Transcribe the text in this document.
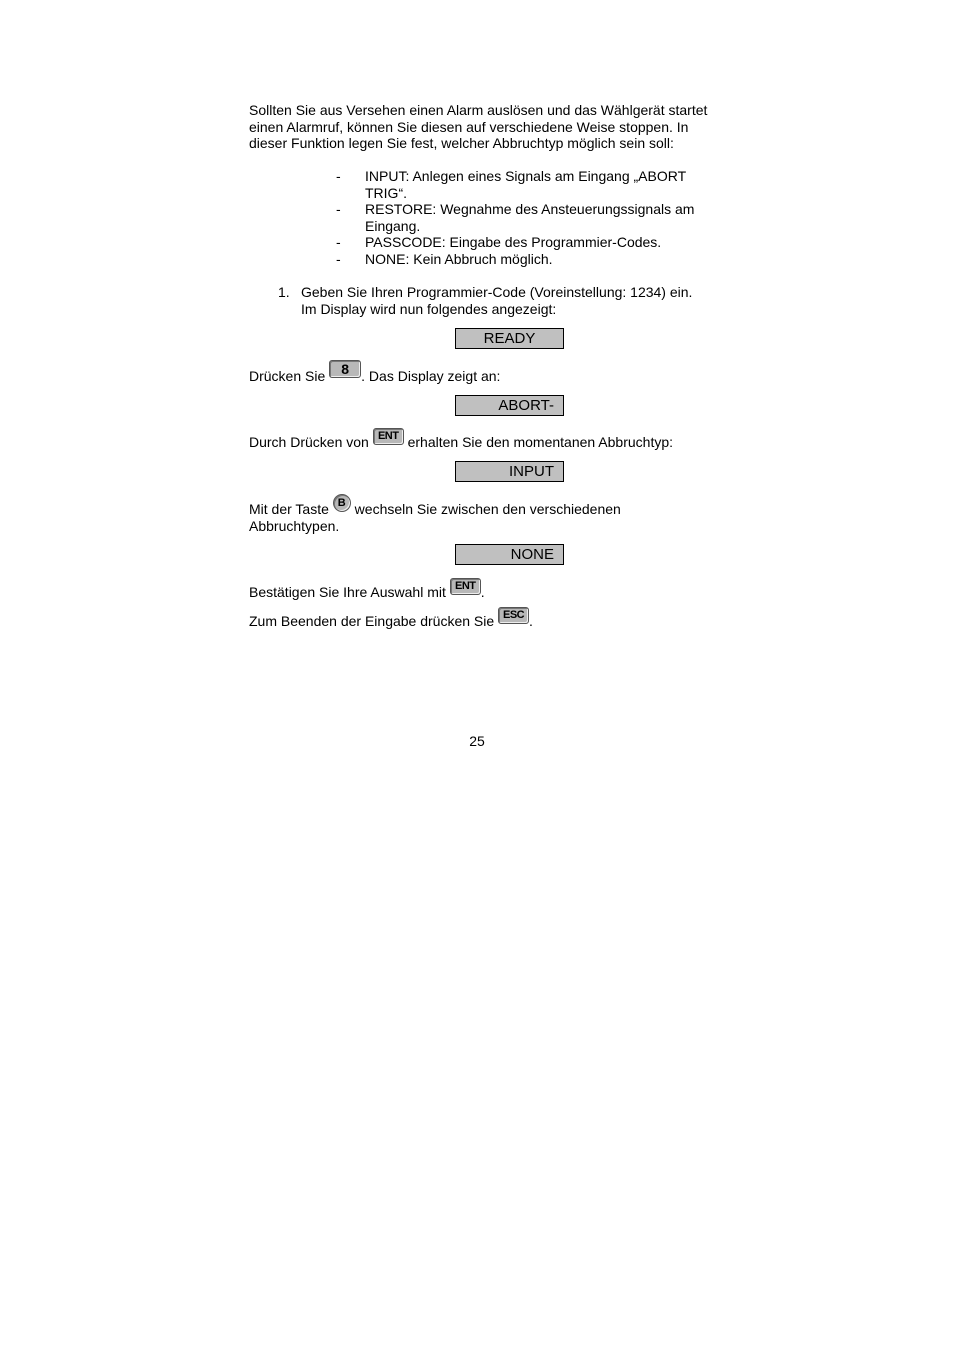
Sollten Sie aus Versehen einen Alarm auslösen und das Wählgerät startet einen Alarmruf, können Sie diesen auf verschiedene Weise stoppen. In dieser Funktion legen Sie fest, welcher Abbruchtyp möglich sein soll:
- INPUT: Anlegen eines Signals am Eingang „ABORT TRIG“.
- RESTORE: Wegnahme des Ansteuerungssignals am Eingang.
- PASSCODE: Eingabe des Programmier-Codes.
- NONE: Kein Abbruch möglich.
1. Geben Sie Ihren Programmier-Code (Voreinstellung: 1234) ein. Im Display wird nun folgendes angezeigt:
READY
Drücken Sie 8 . Das Display zeigt an:
ABORT-
Durch Drücken von ENT erhalten Sie den momentanen Abbruchtyp:
INPUT
Mit der Taste B wechseln Sie zwischen den verschiedenen
Abbruchtypen.
NONE
Bestätigen Sie Ihre Auswahl mit ENT .
Zum Beenden der Eingabe drücken Sie ESC .
25
